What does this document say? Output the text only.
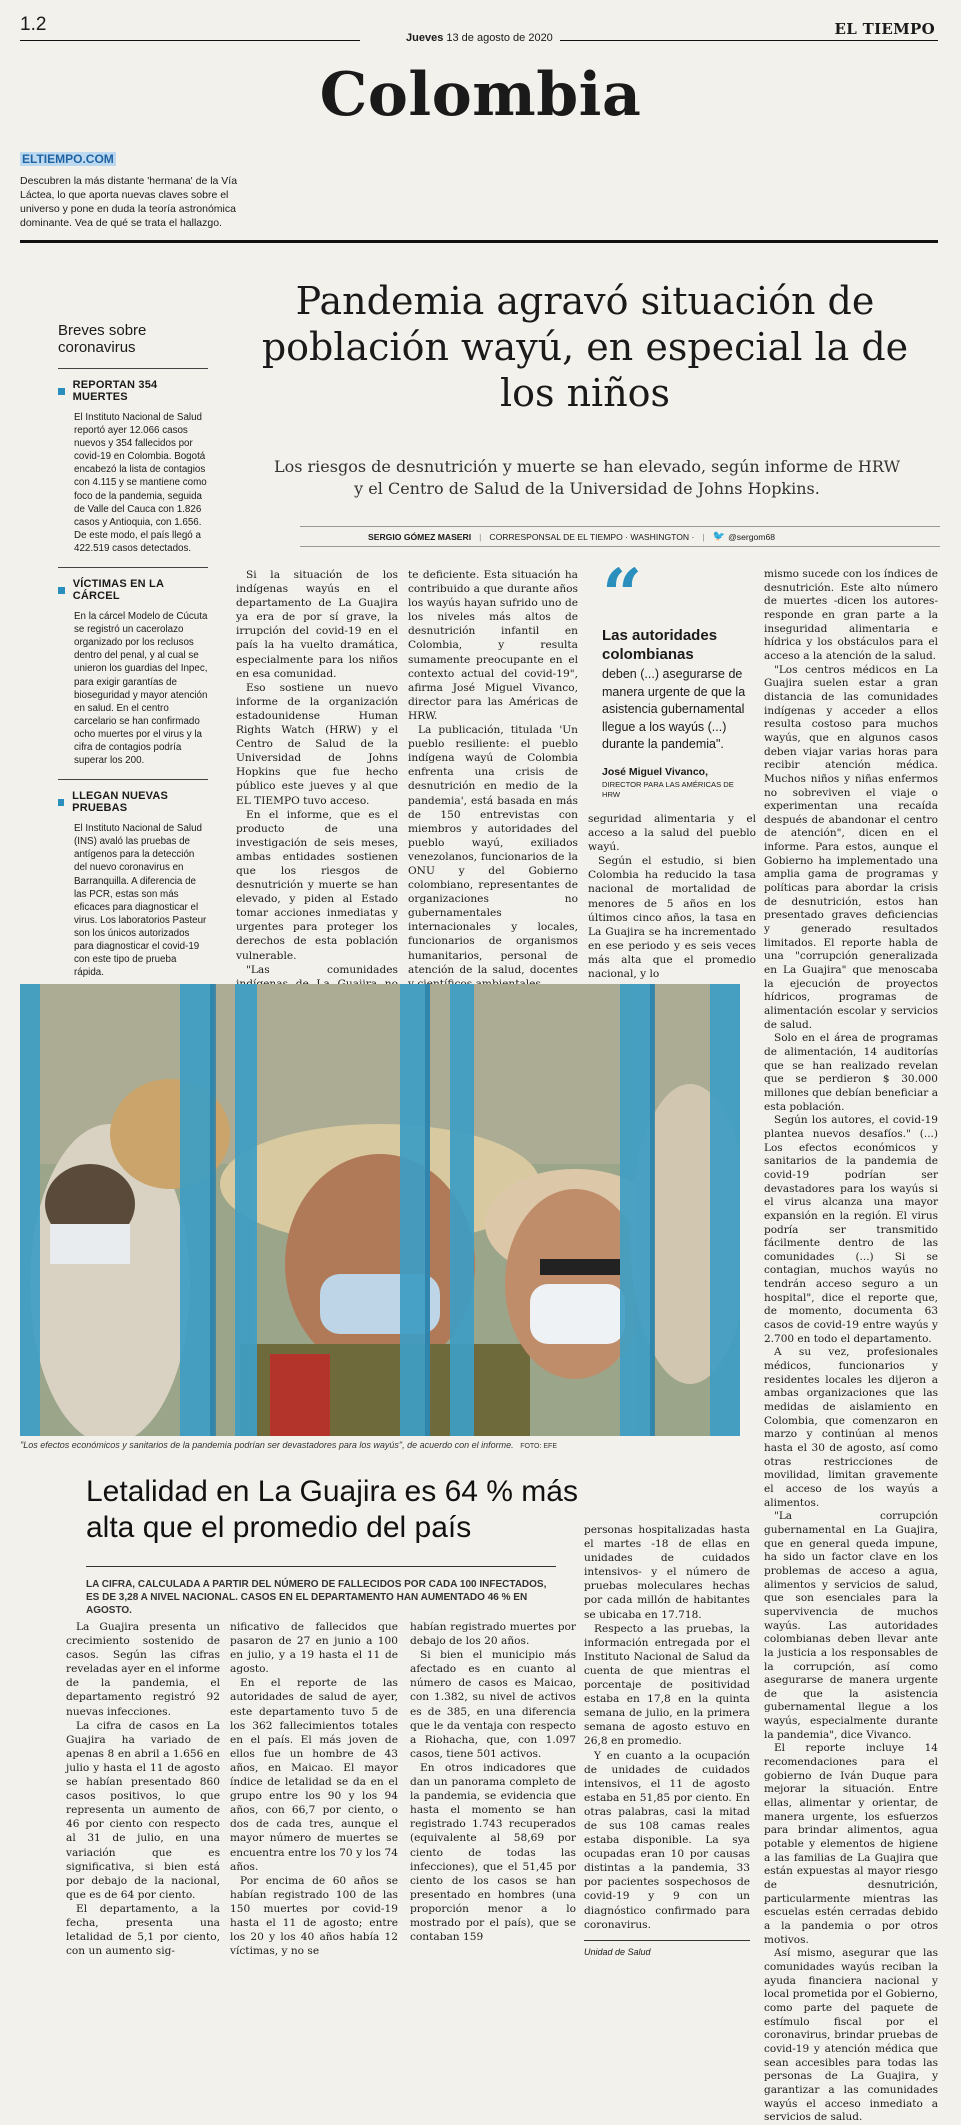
1.2
Jueves 13 de agosto de 2020	EL TIEMPO
Colombia
ELTIEMPO.COM
Descubren la más distante 'hermana' de la Vía Láctea, lo que aporta nuevas claves sobre el universo y pone en duda la teoría astronómica dominante. Vea de qué se trata el hallazgo.
Breves sobre coronavirus
REPORTAN 354 MUERTES
El Instituto Nacional de Salud reportó ayer 12.066 casos nuevos y 354 fallecidos por covid-19 en Colombia. Bogotá encabezó la lista de contagios con 4.115 y se mantiene como foco de la pandemia, seguida de Valle del Cauca con 1.826 casos y Antioquia, con 1.656. De este modo, el país llegó a 422.519 casos detectados.
VÍCTIMAS EN LA CÁRCEL
En la cárcel Modelo de Cúcuta se registró un cacerolazo organizado por los reclusos dentro del penal, y al cual se unieron los guardias del Inpec, para exigir garantías de bioseguridad y mayor atención en salud. En el centro carcelario se han confirmado ocho muertes por el virus y la cifra de contagios podría superar los 200.
LLEGAN NUEVAS PRUEBAS
El Instituto Nacional de Salud (INS) avaló las pruebas de antígenos para la detección del nuevo coronavirus en Barranquilla. A diferencia de las PCR, estas son más eficaces para diagnosticar el virus. Los laboratorios Pasteur son los únicos autorizados para diagnosticar el covid-19 con este tipo de prueba rápida.
Pandemia agravó situación de población wayú, en especial la de los niños
Los riesgos de desnutrición y muerte se han elevado, según informe de HRW y el Centro de Salud de la Universidad de Johns Hopkins.
SERGIO GÓMEZ MASERI | CORRESPONSAL DE EL TIEMPO · WASHINGTON · | 🐦 @sergom68

Si la situación de los indígenas wayús en el departamento de La Guajira ya era de por sí grave, la irrupción del covid-19 en el país la ha vuelto dramática, especialmente para los niños en esa comunidad.

Eso sostiene un nuevo informe de la organización estadounidense Human Rights Watch (HRW) y el Centro de Salud de la Universidad de Johns Hopkins que fue hecho público este jueves y al que EL TIEMPO tuvo acceso.

En el informe, que es el producto de una investigación de seis meses, ambas entidades sostienen que los riesgos de desnutrición y muerte se han elevado, y piden al Estado tomar acciones inmediatas y urgentes para proteger los derechos de esta población vulnerable.

"Las comunidades

te deficiente. Esta situación ha contribuido a que durante años los wayús hayan sufrido uno de los niveles más altos de desnutrición infantil en Colombia, y resulta sumamente preocupante en el contexto actual del covid-19", afirma José Miguel Vivanco, director para las Américas de HRW.

La publicación, titulada 'Un pueblo resiliente: el pueblo indígena wayú de Colombia enfrenta una crisis de desnutrición en medio de la pandemia', está basada en más de 150 entrevistas con miembros y autoridades del pueblo wayú, exiliados venezolanos, funcionarios de la ONU y del Gobierno colombiano, representantes de organizaciones no gubernamentales internacionales y locales, funcionarios de organismos humanitarios, personal de atención de la salud, docentes

“
Las autoridades colombianas
deben (...) asegurarse de manera urgente de que la asistencia gubernamental llegue a los wayús (...) durante la pandemia".
José Miguel Vivanco,
DIRECTOR PARA LAS AMÉRICAS DE HRW

seguridad alimentaria y el acceso a la salud del pueblo wayú.

Según el estudio, si bien Colombia ha reducido la tasa nacional de mortalidad de menores de 5 años en los últimos cinco años, la tasa en La Guajira se ha incrementado en ese periodo y es seis veces más alta que el promedio nacional, y lo

mismo sucede con los índices de desnutrición. Este alto número de muertes -dicen los autores- responde en gran parte a la inseguridad alimentaria e hídrica y los obstáculos para el acceso a la atención de la salud.

"Los centros médicos en La Guajira suelen estar a gran distancia de las comunidades indígenas y acceder a ellos resulta costoso para muchos wayús, que en algunos casos deben viajar varias horas para recibir atención médica. Muchos niños y niñas enfermos no sobreviven el viaje o experimentan una recaída después de abandonar el centro de atención", dicen en el informe. Para estos, aunque el Gobierno ha implementado una amplia gama de programas y políticas para abordar la crisis de desnutrición, estos han presentado graves deficiencias y generado resultados limitados. El reporte habla de una "corrupción generalizada en La Guajira" que menoscaba la ejecución de proyectos hídricos, programas de alimentación escolar y servicios de salud.

Solo en el área de programas de alimentación, 14 auditorías que se han realizado revelan que se perdieron $ 30.000 millones que debían beneficiar a esta población.

Según los autores, el covid-19 plantea nuevos desafíos." (...) Los efectos económicos y sanitarios de la pandemia de covid-19 podrían ser devastadores para los wayús si el virus alcanza una mayor expansión en la región. El virus podría ser transmitido fácilmente dentro de las comunidades (...) Si se contagian, muchos wayús no tendrán acceso seguro a un hospital", dice el reporte que, de momento, documenta 63 casos de covid-19 entre wayús y 2.700 en todo el departamento.

A su vez, profesionales médicos, funcionarios y residentes locales les dijeron a ambas organizaciones que las medidas de aislamiento en Colombia, que comenzaron en marzo y continúan al menos hasta el 30 de agosto, así como otras restricciones de movilidad, limitan gravemente el acceso de los wayús a alimentos.

"La corrupción gubernamental en La Guajira, que en general queda impune, ha sido un factor clave en los problemas de acceso a agua, alimentos y servicios de salud, que son esenciales para la supervivencia de muchos wayús. Las autoridades colombianas deben llevar ante la justicia a los responsables de la corrupción, así como asegurarse de manera urgente de que la asistencia gubernamental llegue a los wayús, especialmente durante la pandemia", dice Vivanco.

El reporte incluye 14 recomendaciones para el gobierno de Iván Duque para mejorar la situación. Entre ellas, alimentar y orientar, de manera urgente, los esfuerzos para brindar alimentos, agua potable y elementos de higiene a las familias de La Guajira que están expuestas al mayor riesgo de desnutrición, particularmente mientras las escuelas estén cerradas debido a la pandemia o por otros motivos.

Así mismo, asegurar que las comunidades wayús reciban la ayuda financiera nacional y local prometida por el Gobierno, como parte del paquete de estímulo fiscal por el coronavirus, brindar pruebas de covid-19 y atención médica que sean accesibles para todas las personas de La Guajira, y garantizar a las comunidades wayús el acceso inmediato a servicios de salud.

"Los efectos económicos y sanitarios de la pandemia podrían ser devastadores para los wayús", de acuerdo con el informe. FOTO: EFE
Letalidad en La Guajira es 64 % más alta que el promedio del país
LA CIFRA, CALCULADA A PARTIR DEL NÚMERO DE FALLECIDOS POR CADA 100 INFECTADOS, ES DE 3,28 A NIVEL NACIONAL. CASOS EN EL DEPARTAMENTO HAN AUMENTADO 46 % EN AGOSTO.

La Guajira presenta un crecimiento sostenido de casos. Según las cifras reveladas ayer en el informe de la pandemia, el departamento registró 92 nuevas infecciones.

La cifra de casos en La Guajira ha variado de apenas 8 en abril a 1.656 en julio y hasta el 11 de agosto se habían presentado 860 casos positivos, lo que representa un aumento de 46 por ciento con respecto al 31 de julio, en una variación que es significativa, si bien está por debajo de la nacional, que es de 64 por ciento.

El departamento, a la fecha, presenta una letalidad de 5,1 por ciento, con un aumento sig-

nificativo de fallecidos que pasaron de 27 en junio a 100 en julio, y a 19 hasta el 11 de agosto.

En el reporte de las autoridades de salud de ayer, este departamento tuvo 5 de los 362 fallecimientos totales en el país. El más joven de ellos fue un hombre de 43 años, en Maicao. El mayor índice de letalidad se da en el grupo entre los 90 y los 94 años, con 66,7 por ciento, o dos de cada tres, aunque el mayor número de muertes se encuentra entre los 70 y los 74 años.

Por encima de 60 años se habían registrado 100 de las 150 muertes por covid-19 hasta el 11 de agosto; entre los 20 y los 40 años había 12 víctimas, y no se

habían registrado muertes por debajo de los 20 años.

Si bien el municipio más afectado es en cuanto al número de casos es Maicao, con 1.382, su nivel de activos es de 385, en una diferencia que le da ventaja con respecto a Riohacha, que, con 1.097 casos, tiene 501 activos.

En otros indicadores que dan un panorama completo de la pandemia, se evidencia que hasta el momento se han registrado 1.743 recuperados (equivalente al 58,69 por ciento de todas las infecciones), que el 51,45 por ciento de los casos se han presentado en hombres (una proporción menor a lo mostrado por el país), que se contaban 159

personas hospitalizadas hasta el martes -18 de ellas en unidades de cuidados intensivos- y el número de pruebas moleculares hechas por cada millón de habitantes se ubicaba en 17.718.

Respecto a las pruebas, la información entregada por el Instituto Nacional de Salud da cuenta de que mientras el porcentaje de positividad estaba en 17,8 en la quinta semana de julio, en la primera semana de agosto estuvo en 26,8 en promedio.

Y en cuanto a la ocupación de unidades de cuidados intensivos, el 11 de agosto estaba en 51,85 por ciento. En otras palabras, casi la mitad de sus 108 camas reales estaba disponible. La sya ocupadas eran 10 por causas distintas a la pandemia, 33 por pacientes sospechosos de covid-19 y 9 con un diagnóstico confirmado para coronavirus.

Unidad de Salud
